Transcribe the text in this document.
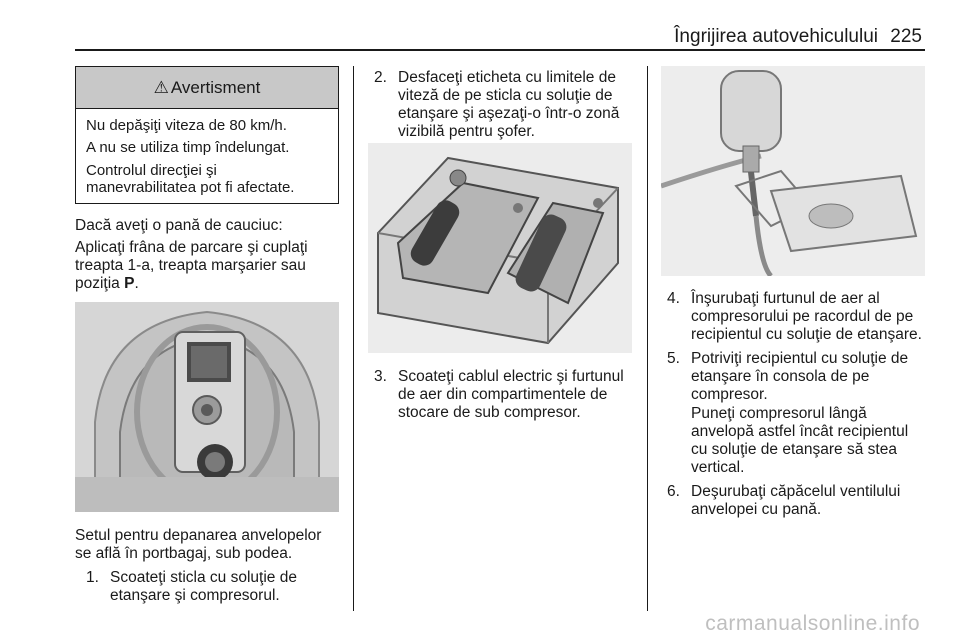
Îngrijirea autovehiculului 225
⚠ Avertisment
Nu depăşiţi viteza de 80 km/h.
A nu se utiliza timp îndelungat.
Controlul direcţiei şi
manevrabilitatea pot fi afectate.

Dacă aveţi o pană de cauciuc:

Aplicaţi frâna de parcare şi cuplaţi

treapta 1-a, treapta marşarier sau

poziţia P.

Setul pentru depanarea anvelopelor

se află în portbagaj, sub podea.

1. Scoateţi sticla cu soluţie de
etanşare şi compresorul.
2. Desfaceţi eticheta cu limitele de
viteză de pe sticla cu soluţie de
etanşare şi aşezaţi-o într-o zonă
vizibilă pentru şofer.
3. Scoateţi cablul electric şi furtunul
de aer din compartimentele de
stocare de sub compresor.
4. Înşurubaţi furtunul de aer al
compresorului pe racordul de pe
recipientul cu soluţie de etanşare.
5. Potriviţi recipientul cu soluţie de
etanşare în consola de pe
compresor.
Puneţi compresorul lângă
anvelopă astfel încât recipientul
cu soluţie de etanşare să stea
vertical.
6. Deşurubaţi căpăcelul ventilului
anvelopei cu pană.
carmanualsonline.info
